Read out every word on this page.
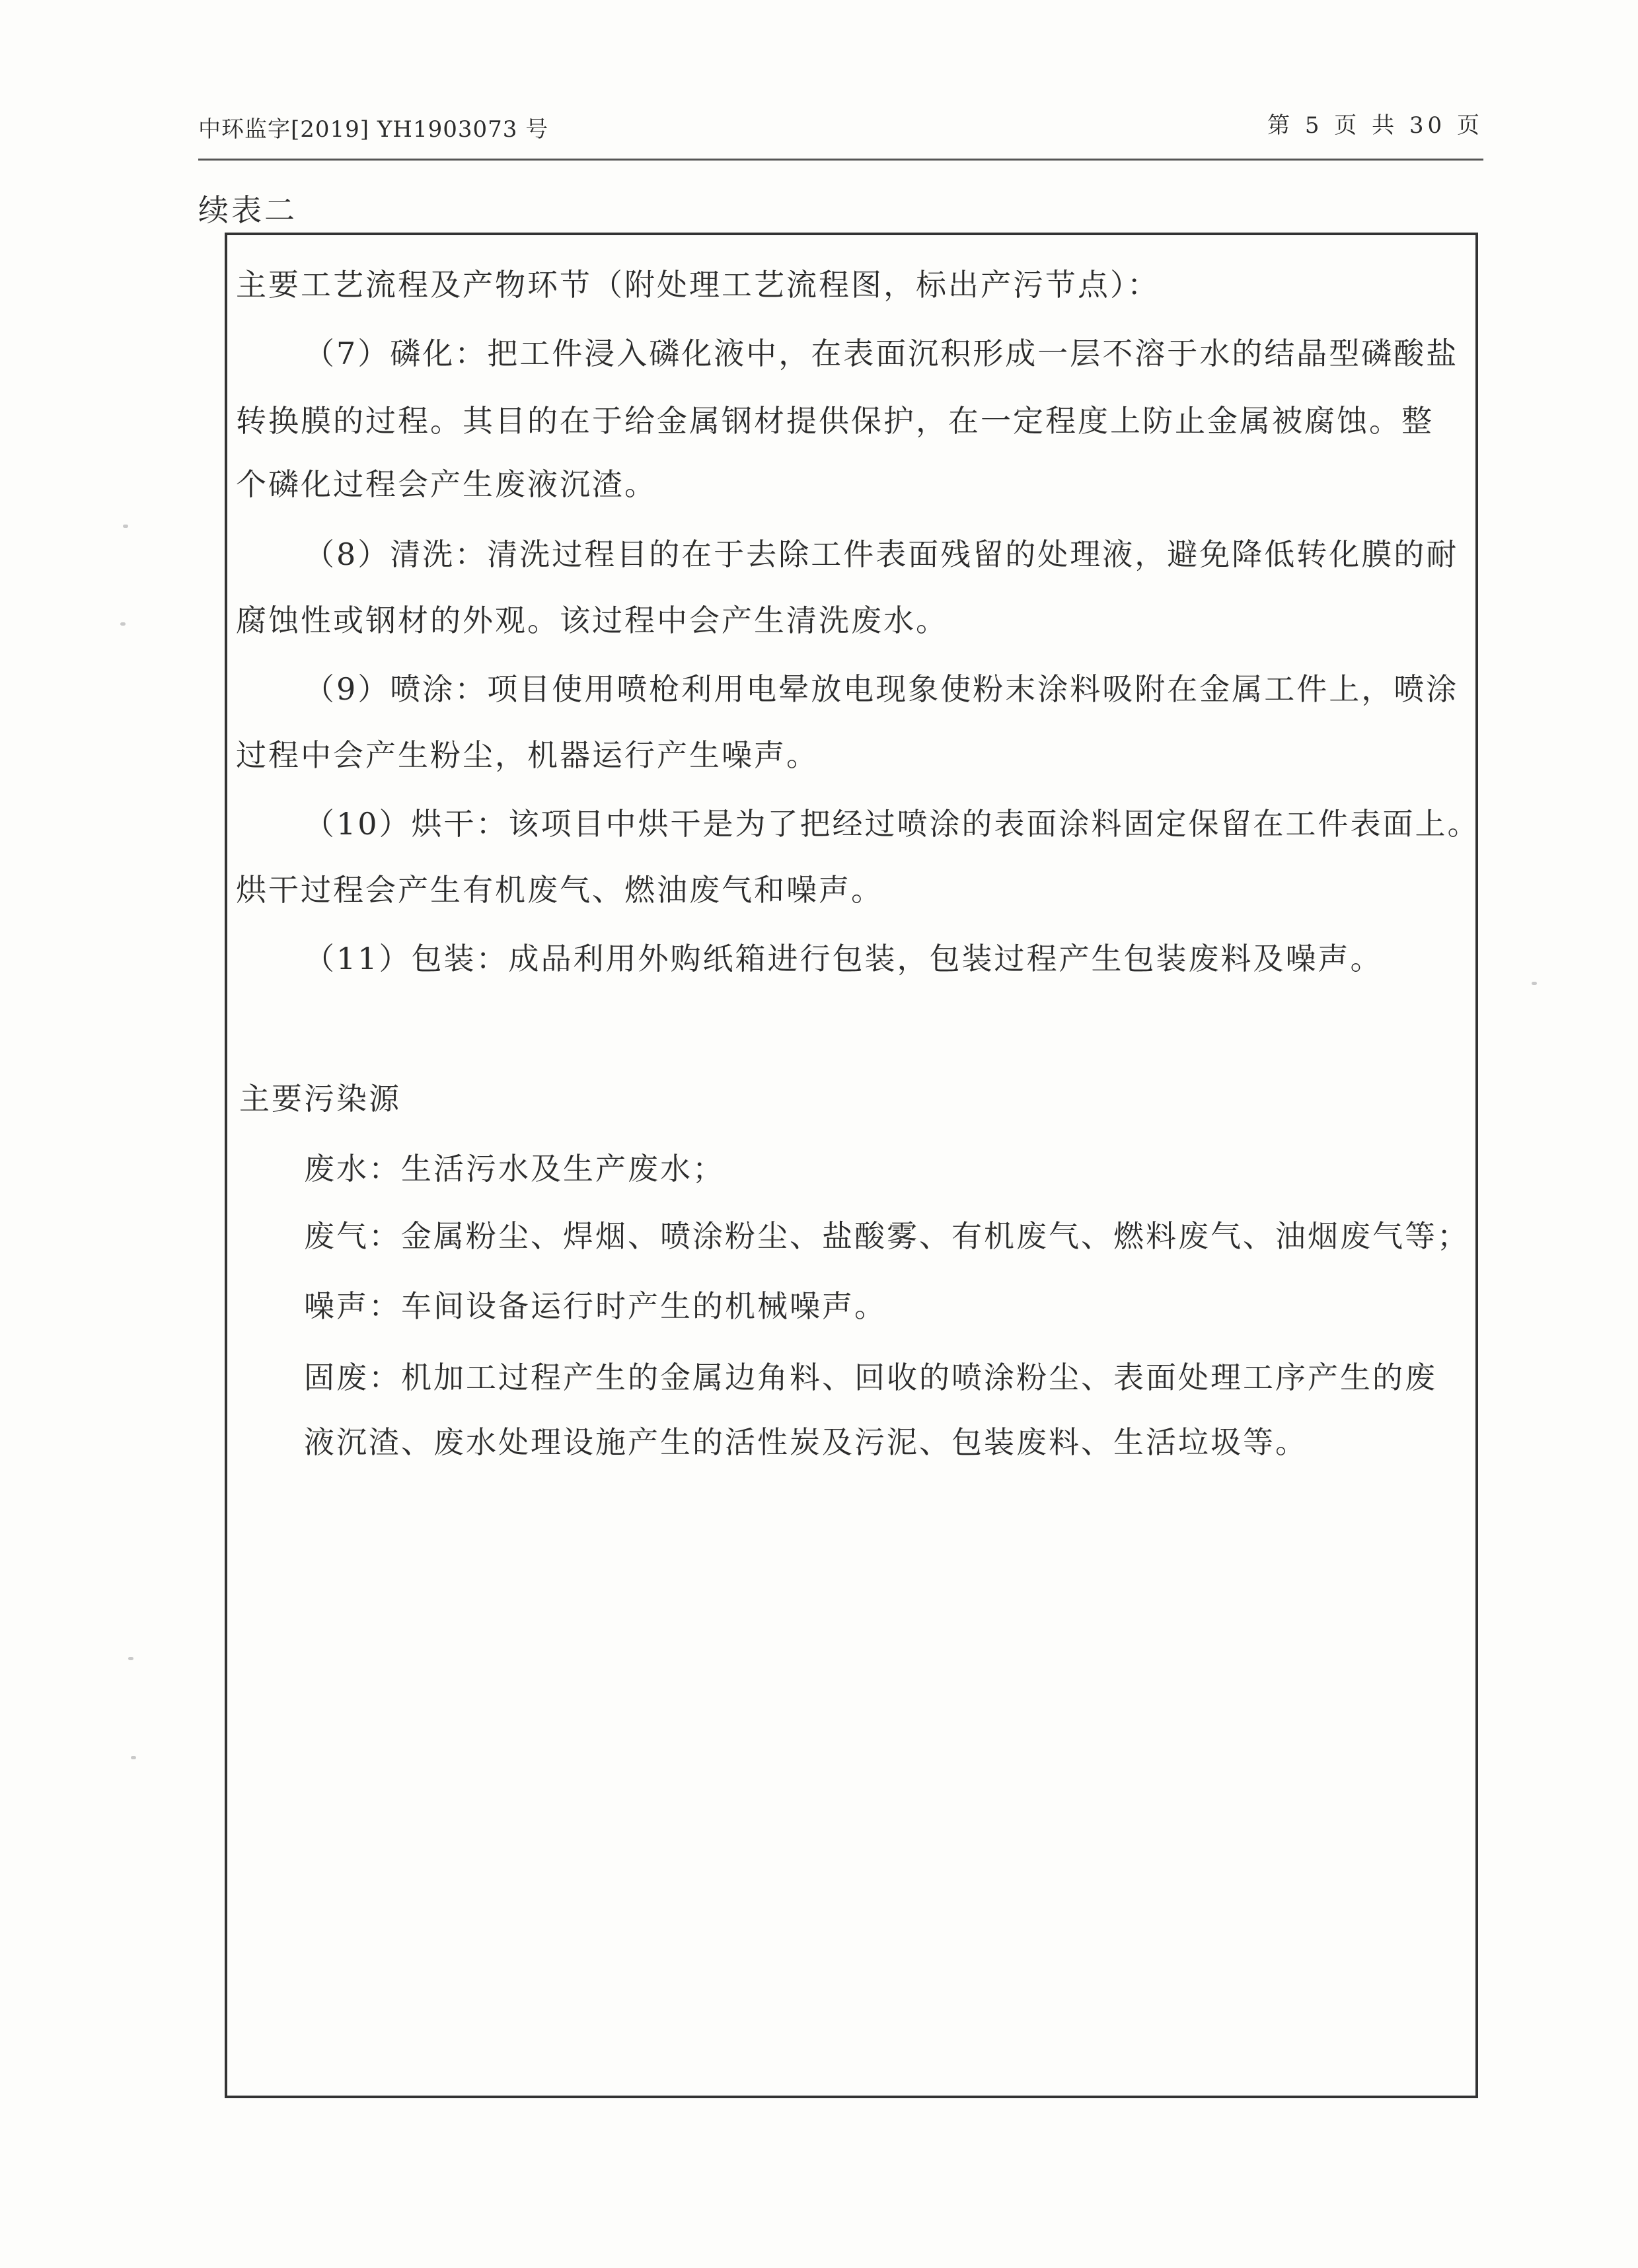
中环监字[2019] YH1903073 号	第 5 页 共 30 页
续表二
主要工艺流程及产物环节（附处理工艺流程图，标出产污节点）：
（7）磷化：把工件浸入磷化液中，在表面沉积形成一层不溶于水的结晶型磷酸盐
转换膜的过程。其目的在于给金属钢材提供保护，在一定程度上防止金属被腐蚀。整
个磷化过程会产生废液沉渣。
（8）清洗：清洗过程目的在于去除工件表面残留的处理液，避免降低转化膜的耐
腐蚀性或钢材的外观。该过程中会产生清洗废水。
（9）喷涂：项目使用喷枪利用电晕放电现象使粉末涂料吸附在金属工件上，喷涂
过程中会产生粉尘，机器运行产生噪声。
（10）烘干：该项目中烘干是为了把经过喷涂的表面涂料固定保留在工件表面上。
烘干过程会产生有机废气、燃油废气和噪声。
（11）包装：成品利用外购纸箱进行包装，包装过程产生包装废料及噪声。
主要污染源
废水：生活污水及生产废水；
废气：金属粉尘、焊烟、喷涂粉尘、盐酸雾、有机废气、燃料废气、油烟废气等；
噪声：车间设备运行时产生的机械噪声。
固废：机加工过程产生的金属边角料、回收的喷涂粉尘、表面处理工序产生的废
液沉渣、废水处理设施产生的活性炭及污泥、包装废料、生活垃圾等。
